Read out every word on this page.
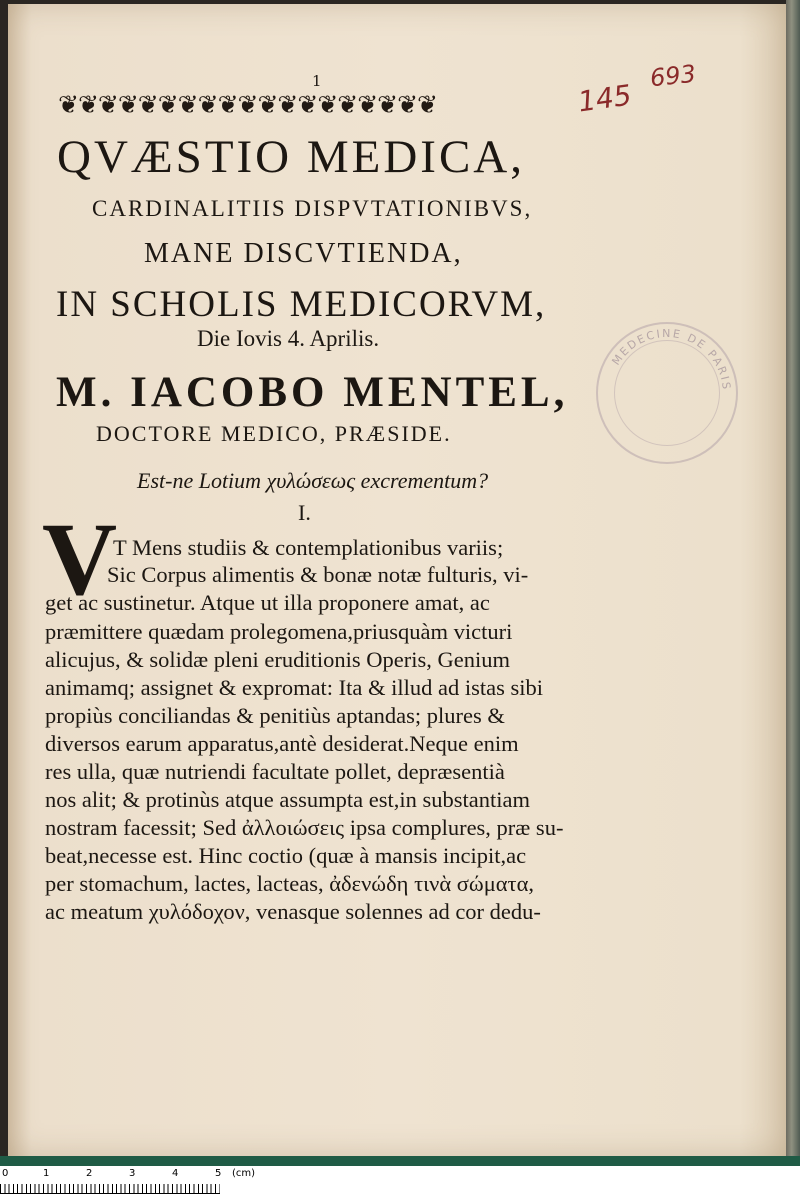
MEDECINE DE PARIS
1
❦❦❦❦❦❦❦❦❦❦❦❦❦❦❦❦❦❦❦	145
693
QVÆSTIO MEDICA,
CARDINALITIIS DISPVTATIONIBVS,
MANE DISCVTIENDA,
IN SCHOLIS MEDICORVM,
Die Iovis 4. Aprilis.
M. IACOBO MENTEL,
DOCTORE MEDICO, PRÆSIDE.
Est-ne Lotium χυλώσεως excrementum?
I.
V
T Mens studiis & contemplationibus variis;
Sic Corpus alimentis & bonæ notæ fulturis, vi-
get ac sustinetur. Atque ut illa proponere amat, ac
præmittere quædam prolegomena,priusquàm victuri
alicujus, & solidæ pleni eruditionis Operis, Genium
animamq; assignet & expromat: Ita & illud ad istas sibi
propiùs conciliandas & penitiùs aptandas; plures &
diversos earum apparatus,antè desiderat.Neque enim
res ulla, quæ nutriendi facultate pollet, depræsentià
nos alit; & protinùs atque assumpta est,in substantiam
nostram facessit; Sed ἀλλοιώσεις ipsa complures, præ su-
beat,necesse est. Hinc coctio (quæ à mansis incipit,ac
per stomachum, lactes, lacteas, ἀδενώδη τινὰ σώματα,
ac meatum χυλόδοχον, venasque solennes ad cor dedu-
0	1	2	3	4	5 (cm)
